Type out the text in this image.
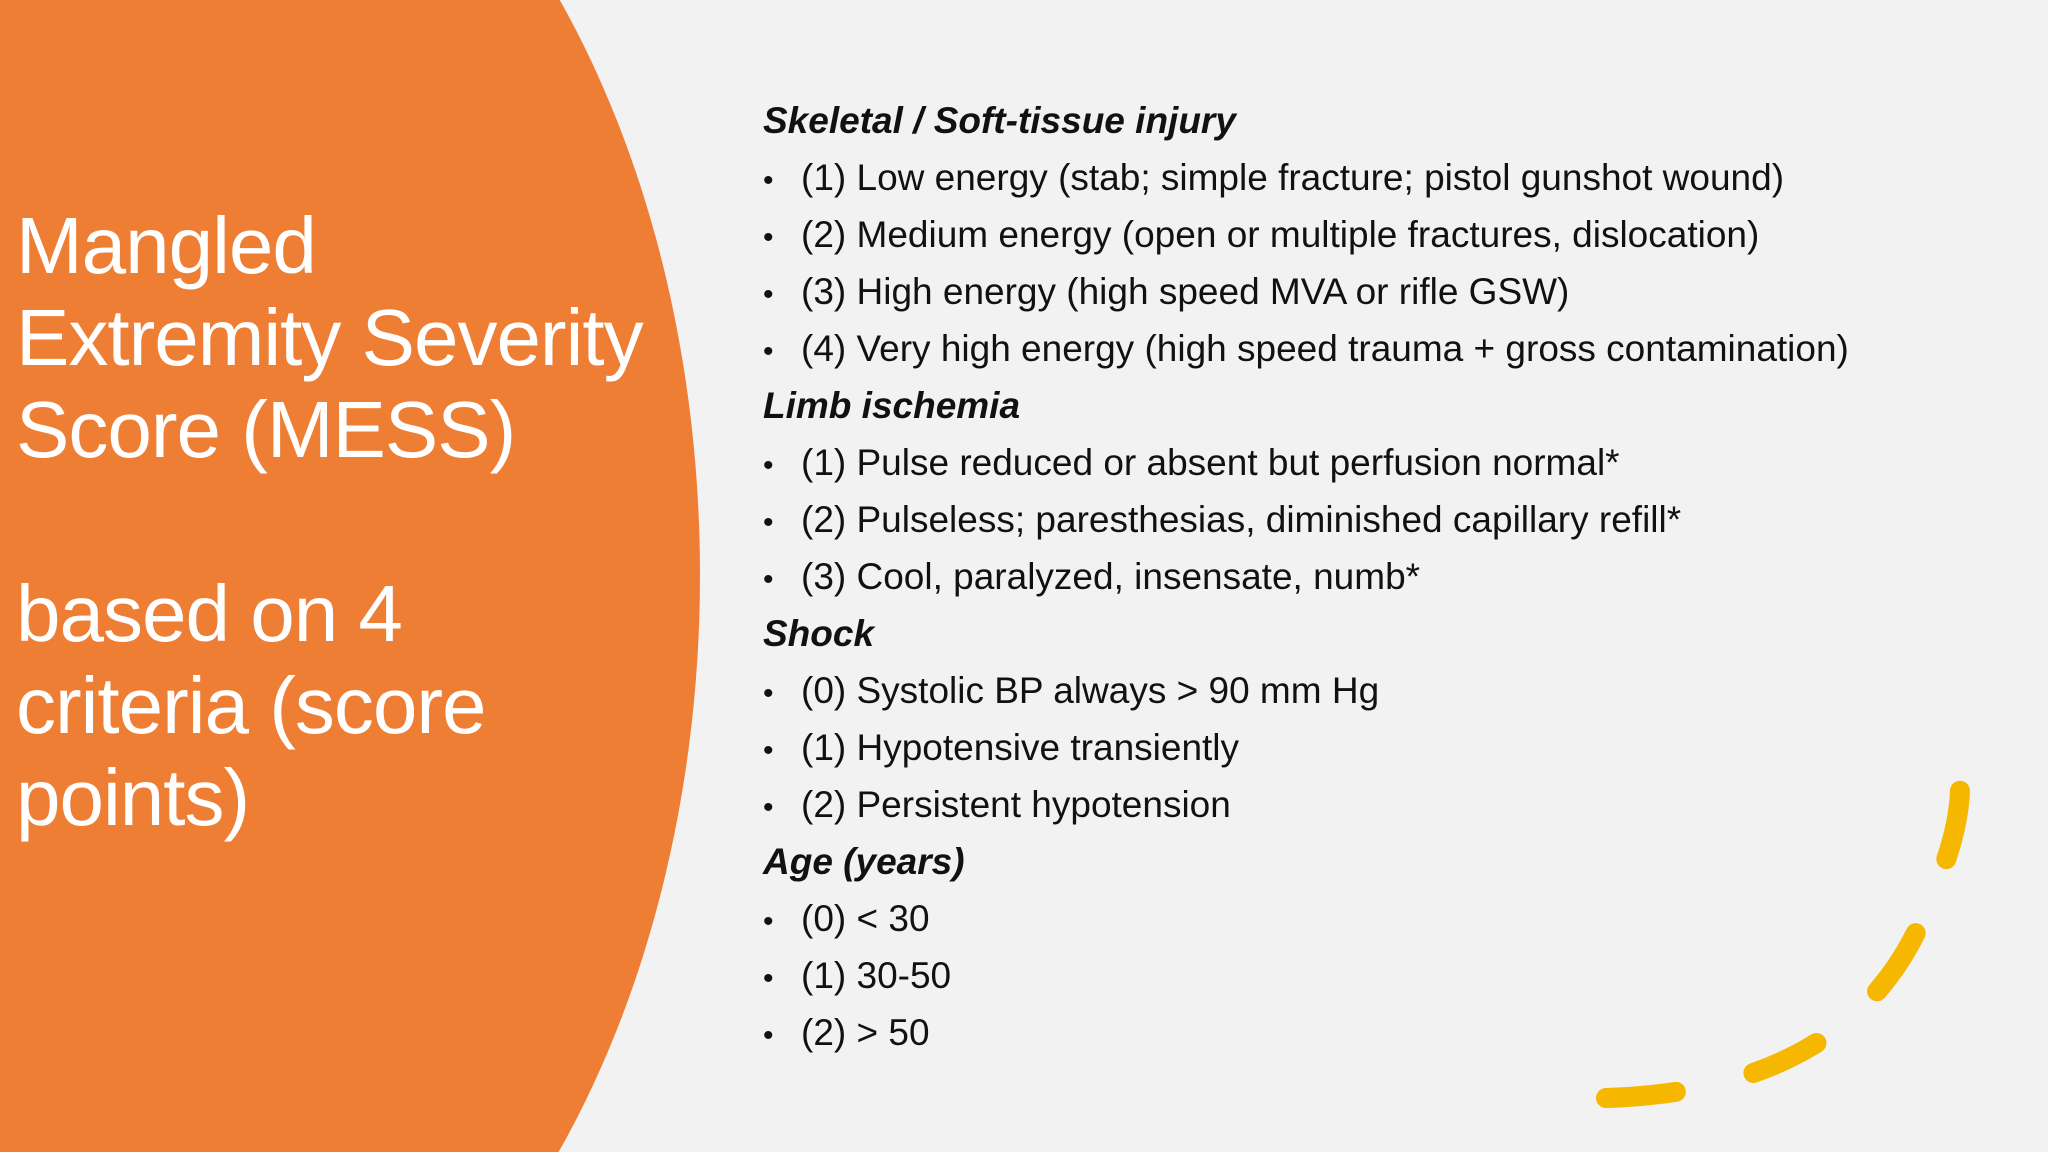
Mangled
Extremity Severity
Score (MESS)
based on 4
criteria (score
points)
Skeletal / Soft-tissue injury
• (1) Low energy (stab; simple fracture; pistol gunshot wound)
• (2) Medium energy (open or multiple fractures, dislocation)
• (3) High energy (high speed MVA or rifle GSW)
• (4) Very high energy (high speed trauma + gross contamination)
Limb ischemia
• (1) Pulse reduced or absent but perfusion normal*
• (2) Pulseless; paresthesias, diminished capillary refill*
• (3) Cool, paralyzed, insensate, numb*
Shock
• (0) Systolic BP always > 90 mm Hg
• (1) Hypotensive transiently
• (2) Persistent hypotension
Age (years)
• (0) < 30
• (1) 30-50
• (2) > 50
